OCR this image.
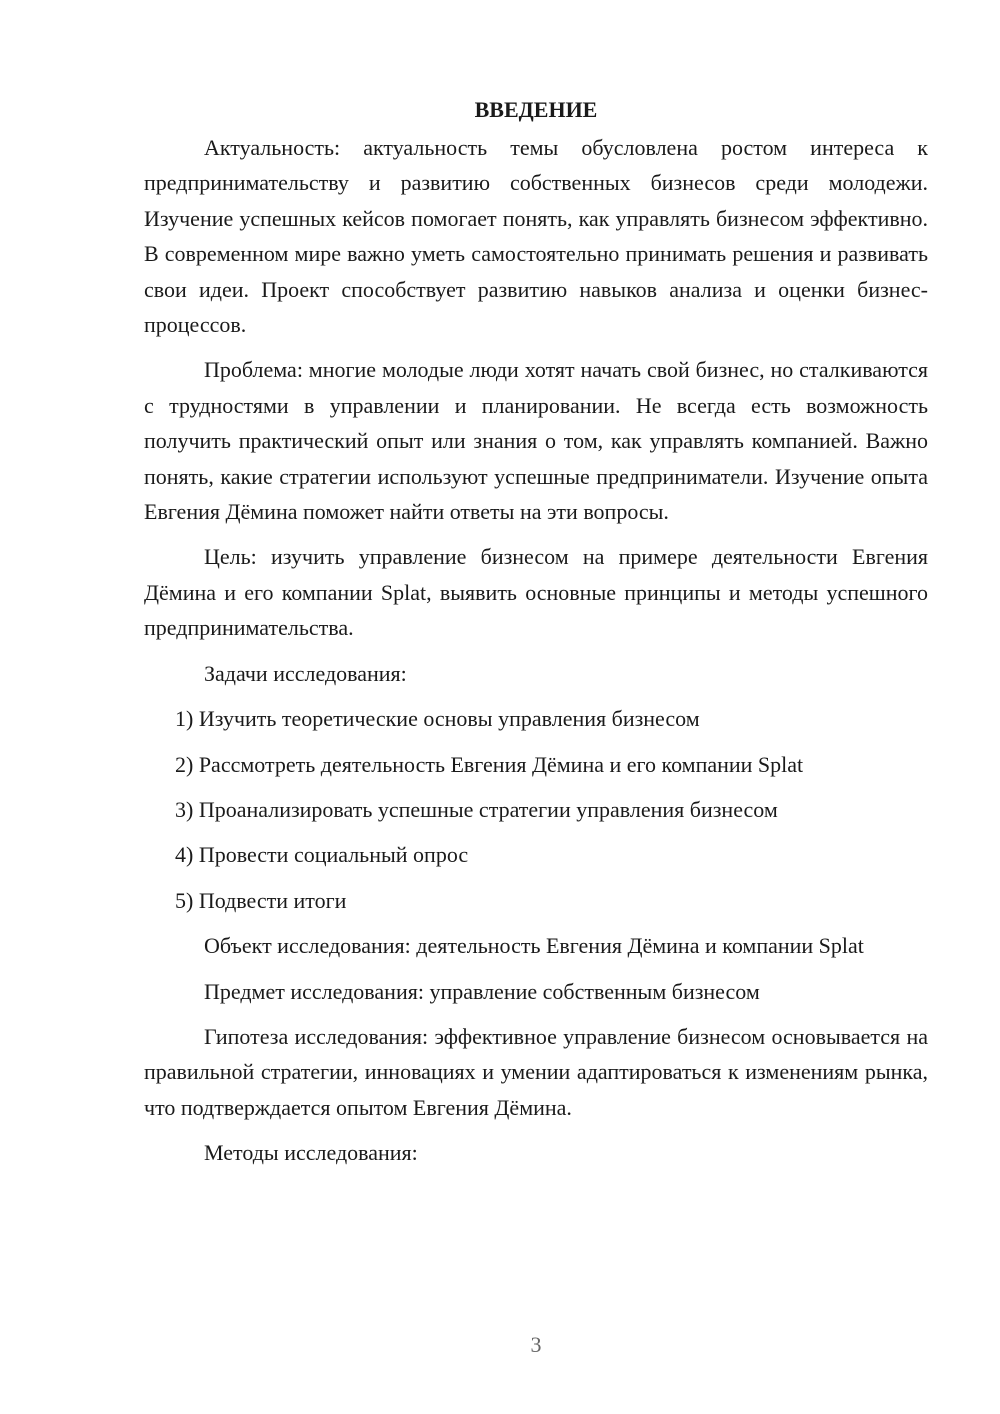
ВВЕДЕНИЕ

Актуальность: актуальность темы обусловлена ростом интереса к предпринимательству и развитию собственных бизнесов среди молодежи. Изучение успешных кейсов помогает понять, как управлять бизнесом эффективно. В современном мире важно уметь самостоятельно принимать решения и развивать свои идеи. Проект способствует развитию навыков анализа и оценки бизнес-процессов.

Проблема: многие молодые люди хотят начать свой бизнес, но сталкиваются с трудностями в управлении и планировании. Не всегда есть возможность получить практический опыт или знания о том, как управлять компанией. Важно понять, какие стратегии используют успешные предприниматели. Изучение опыта Евгения Дёмина поможет найти ответы на эти вопросы.

Цель: изучить управление бизнесом на примере деятельности Евгения Дёмина и его компании Splat, выявить основные принципы и методы успешного предпринимательства.

Задачи исследования:

1) Изучить теоретические основы управления бизнесом
2) Рассмотреть деятельность Евгения Дёмина и его компании Splat
3) Проанализировать успешные стратегии управления бизнесом
4) Провести социальный опрос
5) Подвести итоги

Объект исследования: деятельность Евгения Дёмина и компании Splat

Предмет исследования: управление собственным бизнесом

Гипотеза исследования: эффективное управление бизнесом основывается на правильной стратегии, инновациях и умении адаптироваться к изменениям рынка, что подтверждается опытом Евгения Дёмина.

Методы исследования:

3
